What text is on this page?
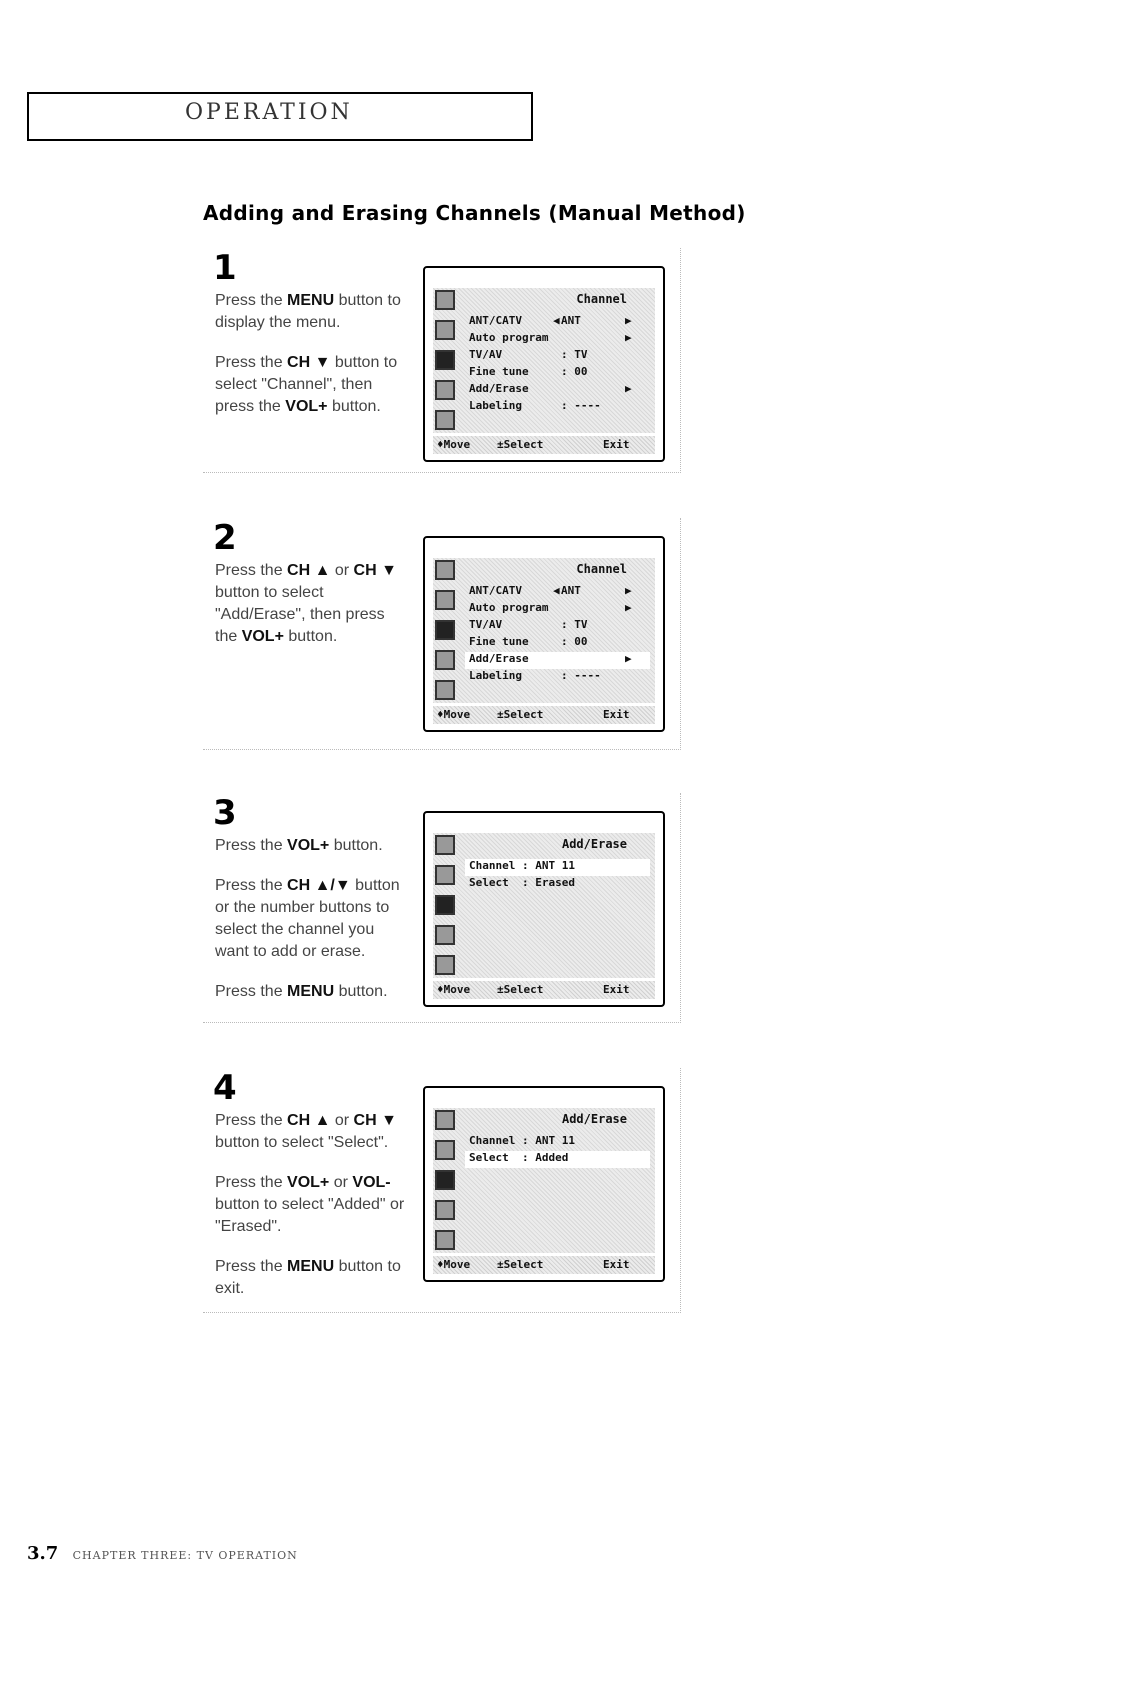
OPERATION
Adding and Erasing Channels (Manual Method)
1

Press the MENU button to display the menu.

Press the CH ▼ button to select "Channel", then press the VOL+ button.

Channel
ANT/CATV	◀ ANT	▶
Auto program	▶
TV/AV	: TV
Fine tune	: 00
Add/Erase	▶
Labeling	: ----
♦Move ±Select	Exit
2

Press the CH ▲ or CH ▼ button to select "Add/Erase", then press the VOL+ button.

Channel
ANT/CATV	◀ ANT	▶
Auto program	▶
TV/AV	: TV
Fine tune	: 00
Add/Erase	▶
Labeling	: ----
♦Move ±Select	Exit
3

Press the VOL+ button.

Press the CH ▲/▼ button or the number buttons to select the channel you want to add or erase.

Press the MENU button.

Add/Erase
Channel : ANT 11
Select  : Erased
♦Move ±Select	Exit
4

Press the CH ▲ or CH ▼ button to select "Select".

Press the VOL+ or VOL- button to select "Added" or "Erased".

Press the MENU button to exit.

Add/Erase
Channel : ANT 11
Select  : Added
♦Move ±Select	Exit
3.7 CHAPTER THREE: TV OPERATION
